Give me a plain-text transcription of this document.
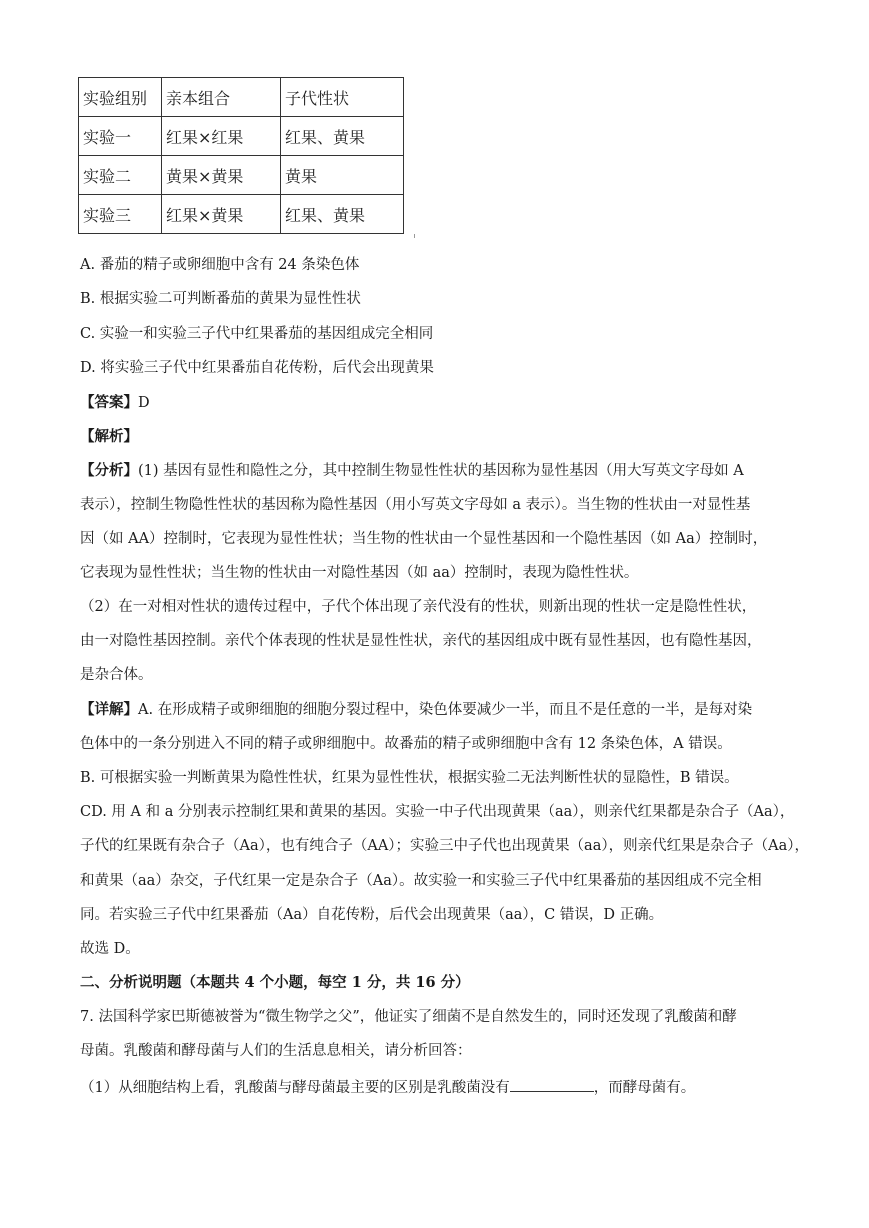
实验组别	亲本组合	子代性状
实验一	红果×红果	红果、黄果
实验二	黄果×黄果	黄果
实验三	红果×黄果	红果、黄果
A. 番茄的精子或卵细胞中含有 24 条染色体
B. 根据实验二可判断番茄的黄果为显性性状
C. 实验一和实验三子代中红果番茄的基因组成完全相同
D. 将实验三子代中红果番茄自花传粉，后代会出现黄果
【答案】D
【解析】
【分析】(1) 基因有显性和隐性之分，其中控制生物显性性状的基因称为显性基因（用大写英文字母如 A
表示），控制生物隐性性状的基因称为隐性基因（用小写英文字母如 a 表示）。当生物的性状由一对显性基
因（如 AA）控制时，它表现为显性性状；当生物的性状由一个显性基因和一个隐性基因（如 Aa）控制时，
它表现为显性性状；当生物的性状由一对隐性基因（如 aa）控制时，表现为隐性性状。
（2）在一对相对性状的遗传过程中，子代个体出现了亲代没有的性状，则新出现的性状一定是隐性性状，
由一对隐性基因控制。亲代个体表现的性状是显性性状，亲代的基因组成中既有显性基因，也有隐性基因，
是杂合体。
【详解】A. 在形成精子或卵细胞的细胞分裂过程中，染色体要减少一半，而且不是任意的一半，是每对染
色体中的一条分别进入不同的精子或卵细胞中。故番茄的精子或卵细胞中含有 12 条染色体，A 错误。
B. 可根据实验一判断黄果为隐性性状，红果为显性性状，根据实验二无法判断性状的显隐性，B 错误。
CD. 用 A 和 a 分别表示控制红果和黄果的基因。实验一中子代出现黄果（aa），则亲代红果都是杂合子（Aa），
子代的红果既有杂合子（Aa），也有纯合子（AA）；实验三中子代也出现黄果（aa），则亲代红果是杂合子（Aa），
和黄果（aa）杂交，子代红果一定是杂合子（Aa）。故实验一和实验三子代中红果番茄的基因组成不完全相
同。若实验三子代中红果番茄（Aa）自花传粉，后代会出现黄果（aa），C 错误，D 正确。
故选 D。
二、分析说明题（本题共 4 个小题，每空 1 分，共 16 分）
7. 法国科学家巴斯德被誉为“微生物学之父”，他证实了细菌不是自然发生的，同时还发现了乳酸菌和酵
母菌。乳酸菌和酵母菌与人们的生活息息相关，请分析回答：
（1）从细胞结构上看，乳酸菌与酵母菌最主要的区别是乳酸菌没有	，而酵母菌有。
